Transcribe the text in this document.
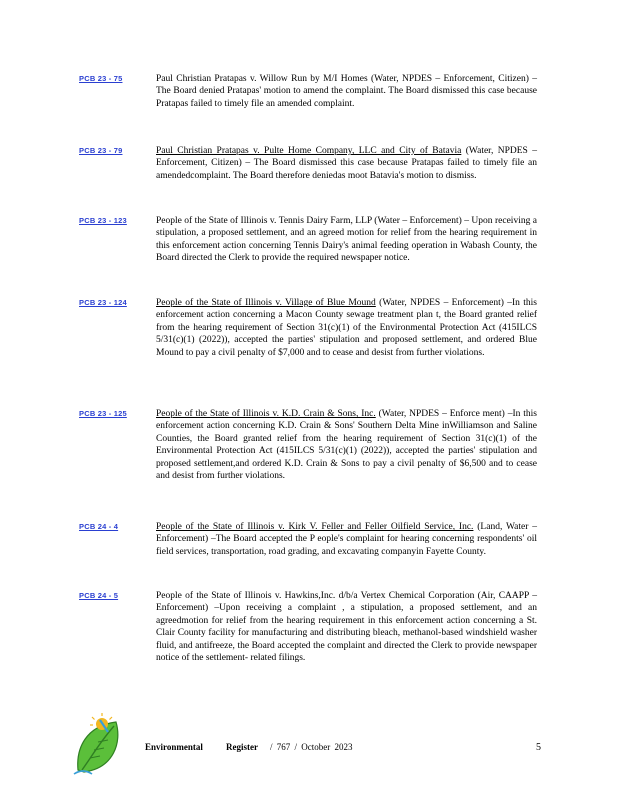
PCB 23 - 75	Paul Christian Pratapas v. Willow Run by M/I Homes (Water, NPDES – Enforcement, Citizen) –The Board denied Pratapas' motion to amend the complaint. The Board dismissed this case because Pratapas failed to timely file an amended complaint.
PCB 23 - 79	Paul Christian Pratapas v. Pulte Home Company, LLC and City of Batavia (Water, NPDES – Enforcement, Citizen) – The Board dismissed this case because Pratapas failed to timely file an amendedcomplaint. The Board therefore deniedas moot Batavia's motion to dismiss.
PCB 23 - 123	People of the State of Illinois v. Tennis Dairy Farm, LLP (Water – Enforcement) – Upon receiving a stipulation, a proposed settlement, and an agreed motion for relief from the hearing requirement in this enforcement action concerning Tennis Dairy's animal feeding operation in Wabash County, the Board directed the Clerk to provide the required newspaper notice.
PCB 23 - 124	People of the State of Illinois v. Village of Blue Mound (Water, NPDES – Enforcement) –In this enforcement action concerning a Macon County sewage treatment plan t, the Board granted relief from the hearing requirement of Section 31(c)(1) of the Environmental Protection Act (415ILCS 5/31(c)(1) (2022)), accepted the parties' stipulation and proposed settlement, and ordered Blue Mound to pay a civil penalty of $7,000 and to cease and desist from further violations.
PCB 23 - 125	People of the State of Illinois v. K.D. Crain & Sons, Inc. (Water, NPDES – Enforce ment) –In this enforcement action concerning K.D. Crain & Sons' Southern Delta Mine inWilliamson and Saline Counties, the Board granted relief from the hearing requirement of Section 31(c)(1) of the Environmental Protection Act (415ILCS 5/31(c)(1) (2022)), accepted the parties' stipulation and proposed settlement,and ordered K.D. Crain & Sons to pay a civil penalty of $6,500 and to cease and desist from further violations.
PCB 24 - 4	People of the State of Illinois v. Kirk V. Feller and Feller Oilfield Service, Inc. (Land, Water –Enforcement) –The Board accepted the P eople's complaint for hearing concerning respondents' oil field services, transportation, road grading, and excavating companyin Fayette County.
PCB 24 - 5	People of the State of Illinois v. Hawkins,Inc. d/b/a Vertex Chemical Corporation (Air, CAAPP –Enforcement) –Upon receiving a complaint , a stipulation, a proposed settlement, and an agreedmotion for relief from the hearing requirement in this enforcement action concerning a St. Clair County facility for manufacturing and distributing bleach, methanol-based windshield washer fluid, and antifreeze, the Board accepted the complaint and directed the Clerk to provide newspaper notice of the settlement- related filings.
Environmental	Register / 767 / October 2023	5
